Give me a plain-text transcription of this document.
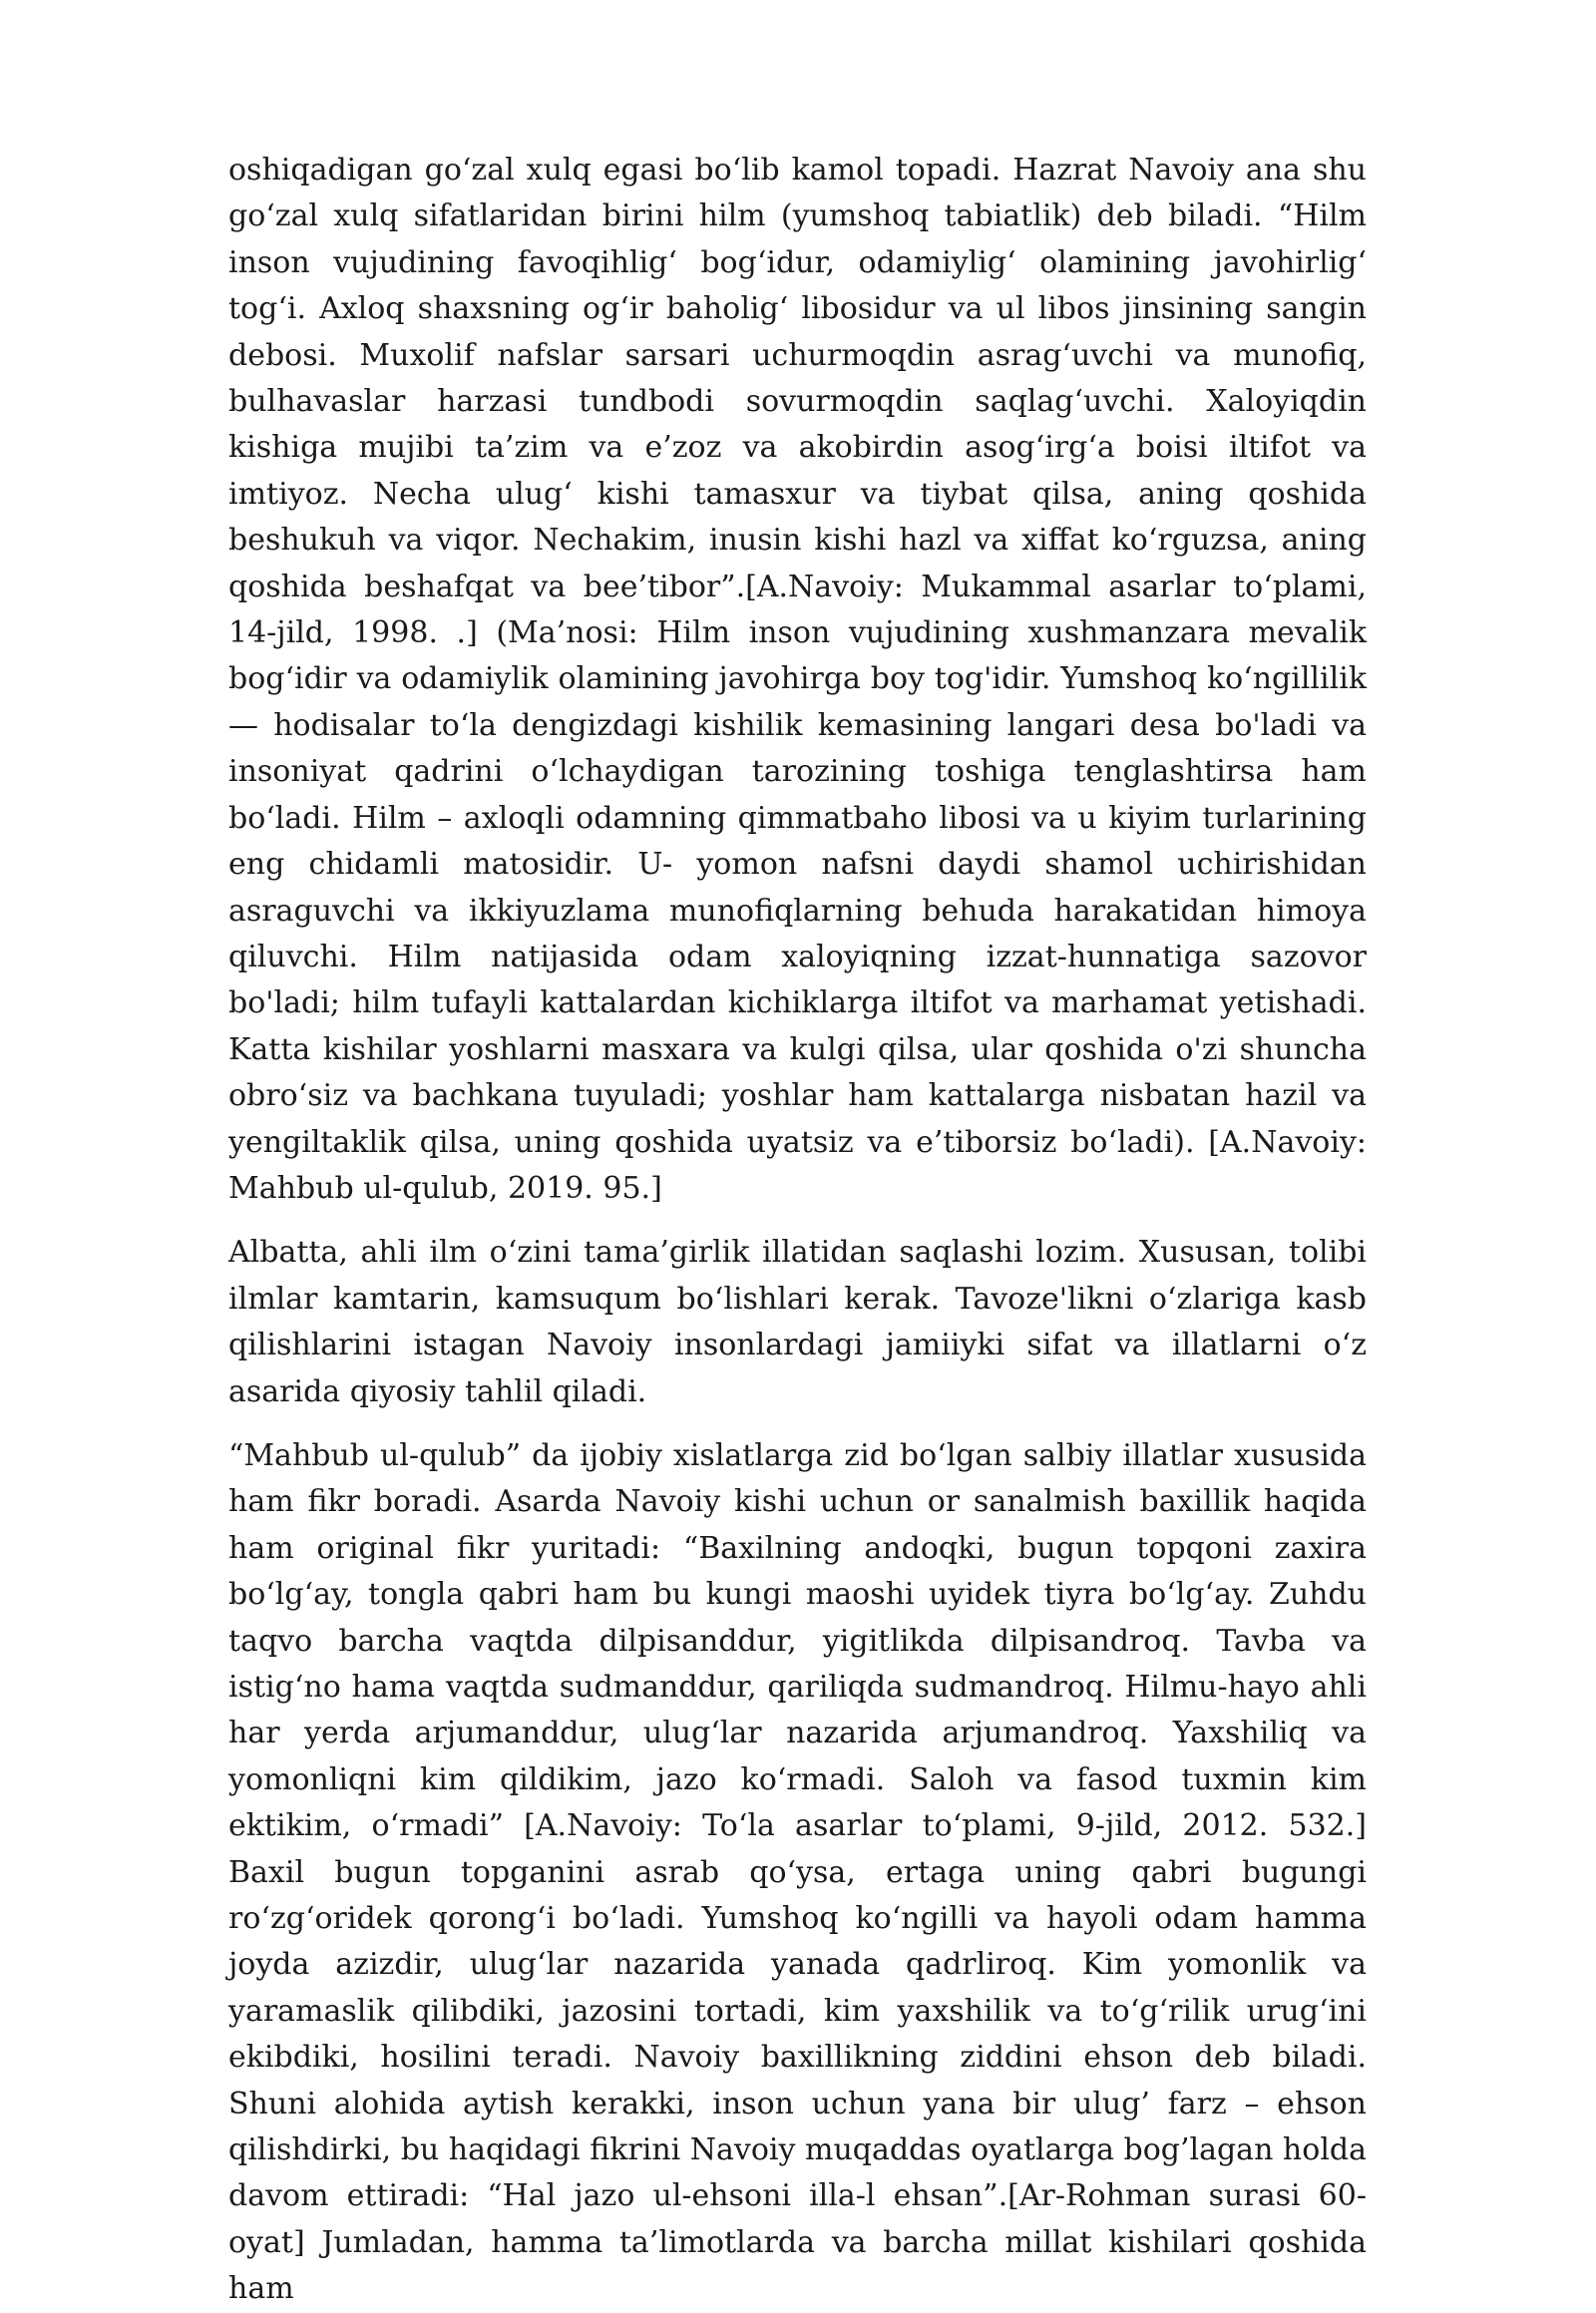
oshiqadigan go‘zal xulq egasi bo‘lib kamol topadi. Hazrat Navoiy ana shu go‘zal xulq sifatlaridan birini hilm (yumshoq tabiatlik) deb biladi. “Hilm inson vujudining favoqihlig‘ bog‘idur, odamiylig‘ olamining javohirlig‘ tog‘i. Axloq shaxsning og‘ir baholig‘ libosidur va ul libos jinsining sangin debosi. Muxolif nafslar sarsari uchurmoqdin asrag‘uvchi va munofiq, bulhavaslar harzasi tundbodi sovurmoqdin saqlag‘uvchi. Xaloyiqdin kishiga mujibi ta’zim va e’zoz va akobirdin asog‘irg‘a boisi iltifot va imtiyoz. Necha ulug‘ kishi tamasxur va tiybat qilsa, aning qoshida beshukuh va viqor. Nechakim, inusin kishi hazl va xiffat ko‘rguzsa, aning qoshida beshafqat va bee’tibor”.[A.Navoiy: Mukammal asarlar to‘plami, 14-jild, 1998. .] (Ma’nosi: Hilm inson vujudining xushmanzara mevalik bog‘idir va odamiylik olamining javohirga boy tog'idir. Yumshoq ko‘ngillilik — hodisalar to‘la dengizdagi kishilik kemasining langari desa bo'ladi va insoniyat qadrini o‘lchaydigan tarozining toshiga tenglashtirsa ham bo‘ladi. Hilm – axloqli odamning qimmatbaho libosi va u kiyim turlarining eng chidamli matosidir. U- yomon nafsni daydi shamol uchirishidan asraguvchi va ikkiyuzlama munofiqlarning behuda harakatidan himoya qiluvchi. Hilm natijasida odam xaloyiqning izzat-hunnatiga sazovor bo'ladi; hilm tufayli kattalardan kichiklarga iltifot va marhamat yetishadi. Katta kishilar yoshlarni masxara va kulgi qilsa, ular qoshida o'zi shuncha obro‘siz va bachkana tuyuladi; yoshlar ham kattalarga nisbatan hazil va yengiltaklik qilsa, uning qoshida uyatsiz va e’tiborsiz bo‘ladi). [A.Navoiy: Mahbub ul-qulub, 2019. 95.]

Albatta, ahli ilm o‘zini tama’girlik illatidan saqlashi lozim. Xususan, tolibi ilmlar kamtarin, kamsuqum bo‘lishlari kerak. Tavoze'likni o‘zlariga kasb qilishlarini istagan Navoiy insonlardagi jamiiyki sifat va illatlarni o‘z asarida qiyosiy tahlil qiladi.

“Mahbub ul-qulub” da ijobiy xislatlarga zid bo‘lgan salbiy illatlar xususida ham fikr boradi. Asarda Navoiy kishi uchun or sanalmish baxillik haqida ham original fikr yuritadi: “Baxilning andoqki, bugun topqoni zaxira bo‘lg‘ay, tongla qabri ham bu kungi maoshi uyidek tiyra bo‘lg‘ay. Zuhdu taqvo barcha vaqtda dilpisanddur, yigitlikda dilpisandroq. Tavba va istig‘no hama vaqtda sudmanddur, qariliqda sudmandroq. Hilmu-hayo ahli har yerda arjumanddur, ulug‘lar nazarida arjumandroq. Yaxshiliq va yomonliqni kim qildikim, jazo ko‘rmadi. Saloh va fasod tuxmin kim ektikim, o‘rmadi” [A.Navoiy: To‘la asarlar to‘plami, 9-jild, 2012. 532.] Baxil bugun topganini asrab qo‘ysa, ertaga uning qabri bugungi ro‘zg‘oridek qorong‘i bo‘ladi. Yumshoq ko‘ngilli va hayoli odam hamma joyda azizdir, ulug‘lar nazarida yanada qadrliroq. Kim yomonlik va yaramaslik qilibdiki, jazosini tortadi, kim yaxshilik va to‘g‘rilik urug‘ini ekibdiki, hosilini teradi. Navoiy baxillikning ziddini ehson deb biladi. Shuni alohida aytish kerakki, inson uchun yana bir ulug’ farz – ehson qilishdirki, bu haqidagi fikrini Navoiy muqaddas oyatlarga bog’lagan holda davom ettiradi: “Hal jazo ul-ehsoni illa-l ehsan”.[Ar-Rohman surasi 60-oyat] Jumladan, hamma ta’limotlarda va barcha millat kishilari qoshida ham
